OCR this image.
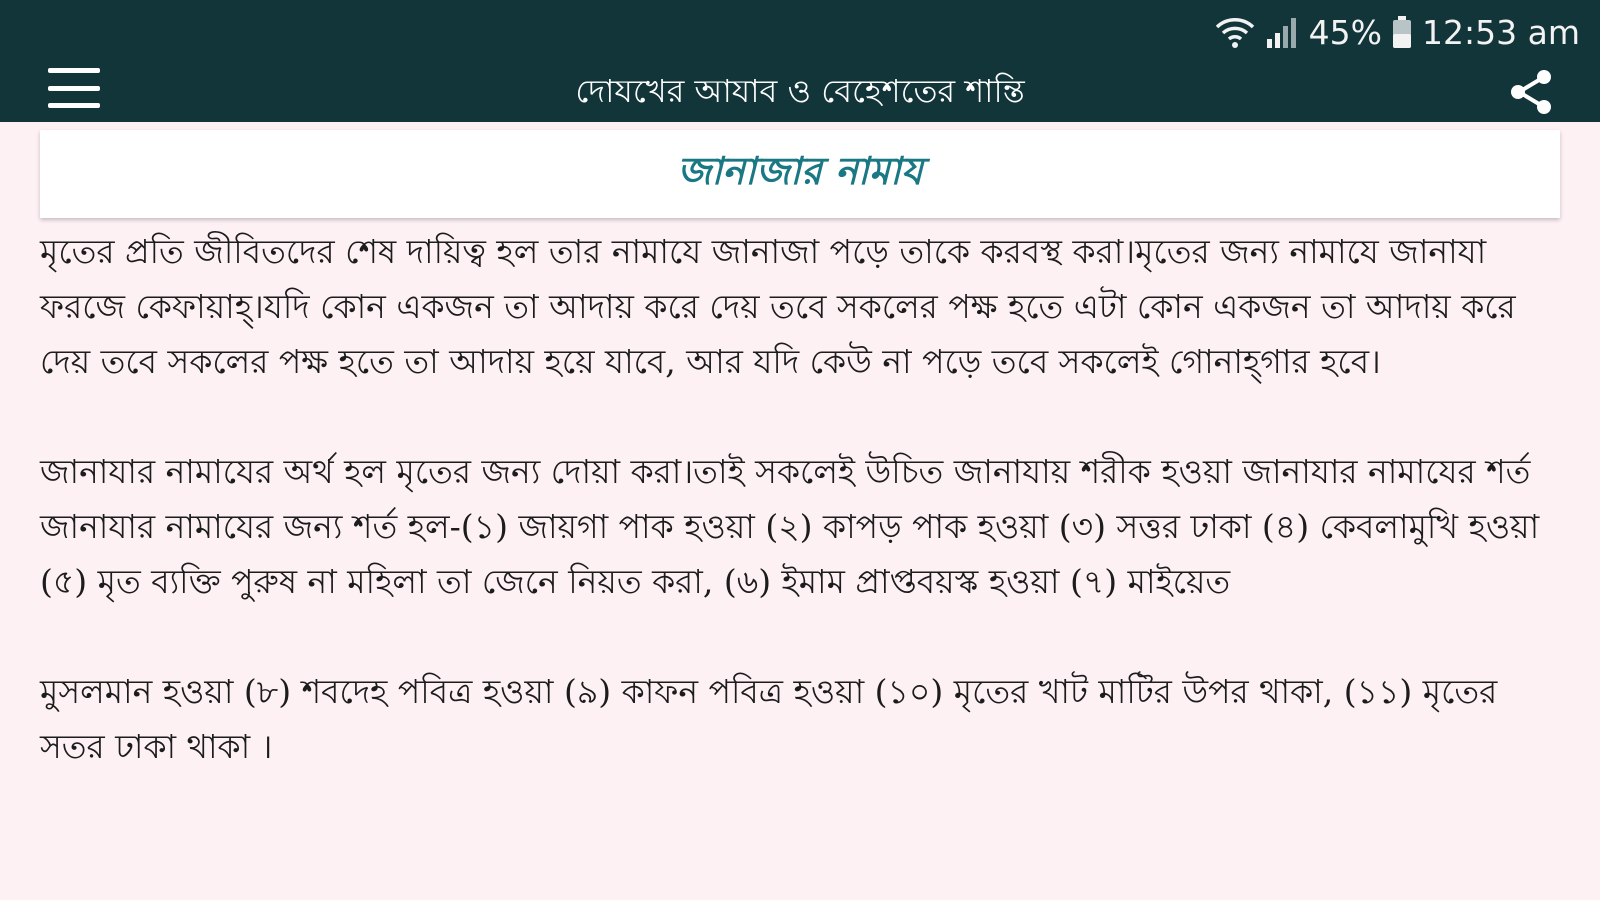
45% 12:53 am
দোযখের আযাব ও বেহেশতের শান্তি
জানাজার নামায

মৃতের প্রতি জীবিতদের শেষ দায়িত্ব হল তার নামাযে জানাজা পড়ে তাকে করবস্থ করা।মৃতের জন্য নামাযে জানাযা ফরজে কেফায়াহ্।যদি কোন একজন তা আদায় করে দেয় তবে সকলের পক্ষ হতে এটা কোন একজন তা আদায় করে দেয় তবে সকলের পক্ষ হতে তা আদায় হয়ে যাবে, আর যদি কেউ না পড়ে তবে সকলেই গোনাহ্গার হবে।

জানাযার নামাযের অর্থ হল মৃতের জন্য দোয়া করা।তাই সকলেই উচিত জানাযায় শরীক হওয়া জানাযার নামাযের শর্ত জানাযার নামাযের জন্য শর্ত হল-(১) জায়গা পাক হওয়া (২) কাপড় পাক হওয়া (৩) সত্তর ঢাকা (৪) কেবলামুখি হওয়া (৫) মৃত ব্যক্তি পুরুষ না মহিলা তা জেনে নিয়ত করা, (৬) ইমাম প্রাপ্তবয়স্ক হওয়া (৭) মাইয়েত

মুসলমান হওয়া (৮) শবদেহ পবিত্র হওয়া (৯) কাফন পবিত্র হওয়া (১০) মৃতের খাট মাটির উপর থাকা, (১১) মৃতের সতর ঢাকা থাকা ।
